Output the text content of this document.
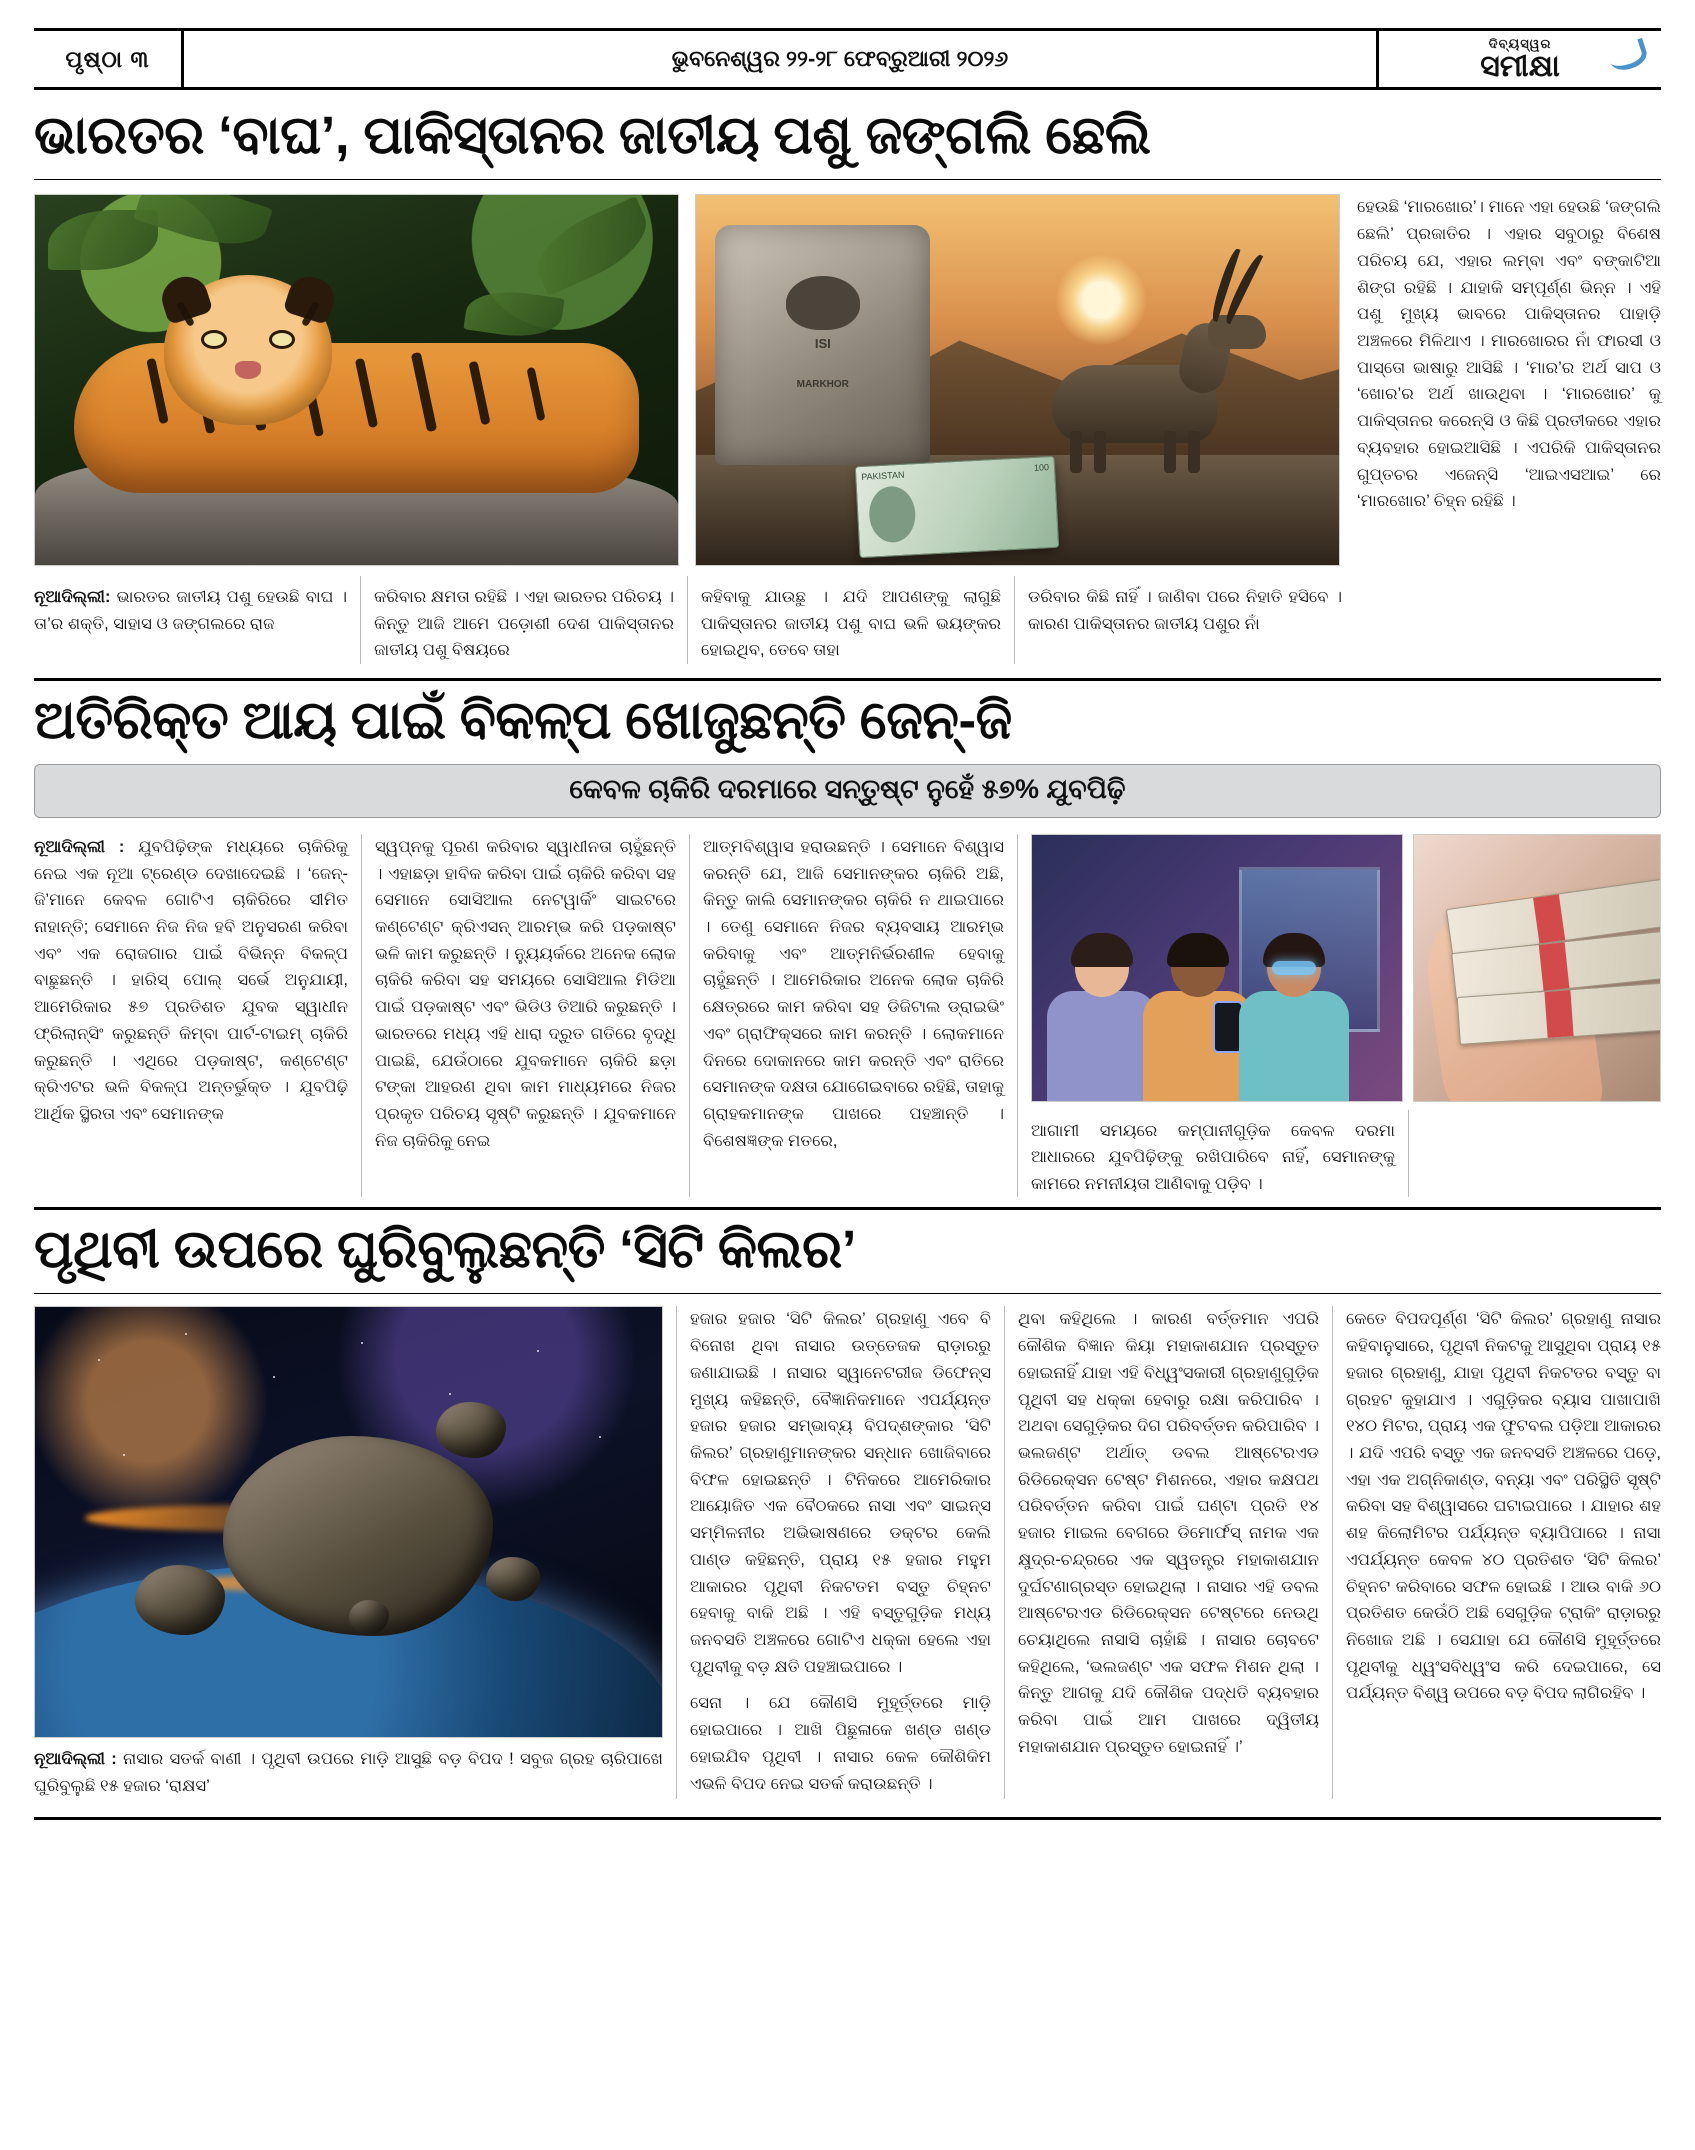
ପୃଷ୍ଠା ୩	ଭୁବନେଶ୍ୱର ୨୨-୨୮ ଫେବ୍ରୁଆରୀ ୨୦୨୬
ଦିବ୍ୟସ୍ୱର
ସମୀକ୍ଷା
ଭାରତର ‘ବାଘ’, ପାକିସ୍ତାନର ଜାତୀୟ ପଶୁ ଜଙ୍ଗଲି ଛେଲି
ISI
MARKHOR
PAKISTAN
100
ନୂଆଦିଲ୍ଲୀ: ଭାରତର ଜାତୀୟ ପଶୁ ହେଉଛି ବାଘ । ତା’ର ଶକ୍ତି, ସାହାସ ଓ ଜଙ୍ଗଲରେ ରାଜ
କରିବାର କ୍ଷମତା ରହିଛି । ଏହା ଭାରତର ପରିଚୟ । କିନ୍ତୁ ଆଜି ଆମେ ପଡ଼ୋଶୀ ଦେଶ ପାକିସ୍ତାନର ଜାତୀୟ ପଶୁ ବିଷୟରେ
କହିବାକୁ ଯାଉଛୁ । ଯଦି ଆପଣଙ୍କୁ ଲାଗୁଛି ପାକିସ୍ତାନର ଜାତୀୟ ପଶୁ ବାଘ ଭଳି ଭୟଙ୍କର ହୋଇଥିବ, ତେବେ ତାହା
ଡରିବାର କିଛି ନାହିଁ । ଜାଣିବା ପରେ ନିହାତି ହସିବେ । କାରଣ ପାକିସ୍ତାନର ଜାତୀୟ ପଶୁର ନାଁ
ହେଉଛି ‘ମାରଖୋର’। ମାନେ ଏହା ହେଉଛି ‘ଜଙ୍ଗଲି ଛେଲି’ ପ୍ରଜାତିର । ଏହାର ସବୁଠାରୁ ବିଶେଷ ପରିଚୟ ଯେ, ଏହାର ଲମ୍ବା ଏବଂ ବଙ୍କାଟିଆ ଶିଙ୍ଗ ରହିଛି । ଯାହାକି ସମ୍ପୂର୍ଣ୍ଣ ଭିନ୍ନ । ଏହି ପଶୁ ମୁଖ୍ୟ ଭାବରେ ପାକିସ୍ତାନର ପାହାଡ଼ି ଅଞ୍ଚଳରେ ମିଳିଥାଏ । ମାରଖୋରର ନାଁ ଫାରସୀ ଓ ପାସ୍ତୋ ଭାଷାରୁ ଆସିଛି । ‘ମାର’ର ଅର୍ଥ ସାପ ଓ ‘ଖୋର’ର ଅର୍ଥ ଖାଉଥିବା । ‘ମାରଖୋର’ କୁ ପାକିସ୍ତାନର କରେନ୍ସି ଓ କିଛି ପ୍ରତୀକରେ ଏହାର ବ୍ୟବହାର ହୋଇଆସିଛି । ଏପରିକି ପାକିସ୍ତାନର ଗୁପ୍ତଚର ଏଜେନ୍ସି ‘ଆଇଏସଆଇ’ ରେ ‘ମାରଖୋର’ ଚିହ୍ନ ରହିଛି ।
ଅତିରିକ୍ତ ଆୟ ପାଇଁ ବିକଳ୍ପ ଖୋଜୁଛନ୍ତି ଜେନ୍-ଜି
କେବଳ ଚାକିରି ଦରମାରେ ସନ୍ତୁଷ୍ଟ ନୁହେଁ ୫୭% ଯୁବପିଢ଼ି
ନୂଆଦିଲ୍ଲୀ : ଯୁବପିଢ଼ିଙ୍କ ମଧ୍ୟରେ ଚାକିରିକୁ ନେଇ ଏକ ନୂଆ ଟ୍ରେଣ୍ଡ ଦେଖାଦେଇଛି । ‘ଜେନ୍-ଜି’ମାନେ କେବଳ ଗୋଟିଏ ଚାକିରିରେ ସୀମିତ ନାହାନ୍ତି; ସେମାନେ ନିଜ ନିଜ ହବି ଅନୁସରଣ କରିବା ଏବଂ ଏକ ରୋଜଗାର ପାଇଁ ବିଭିନ୍ନ ବିକଳ୍ପ ବାଛୁଛନ୍ତି । ହାରିସ୍ ପୋଲ୍ ସର୍ଭେ ଅନୁଯାୟୀ, ଆମେରିକାର ୫୭ ପ୍ରତିଶତ ଯୁବକ ସ୍ୱାଧୀନ ଫ୍ରିଲାନ୍ସିଂ କରୁଛନ୍ତି କିମ୍ବା ପାର୍ଟ-ଟାଇମ୍ ଚାକିରି କରୁଛନ୍ତି । ଏଥିରେ ପଡ଼କାଷ୍ଟ, କଣ୍ଟେଣ୍ଟ କ୍ରିଏଟର ଭଳି ବିକଳ୍ପ ଅନ୍ତର୍ଭୁକ୍ତ । ଯୁବପିଢ଼ି ଆର୍ଥିକ ସ୍ଥିରତା ଏବଂ ସେମାନଙ୍କ
ସ୍ୱପ୍ନକୁ ପୂରଣ କରିବାର ସ୍ୱାଧୀନତା ଚାହୁଁଛନ୍ତି । ଏହାଛଡ଼ା ହାବିକ କରିବା ପାଇଁ ଚାକିରି କରିବା ସହ ସେମାନେ ସୋସିଆଲ ନେଟୱାର୍କିଂ ସାଇଟରେ କଣ୍ଟେଣ୍ଟ କ୍ରିଏସନ୍ ଆରମ୍ଭ କରି ପଡ଼କାଷ୍ଟ ଭଳି କାମ କରୁଛନ୍ତି । ନ୍ୟୁୟର୍କରେ ଅନେକ ଲୋକ ଚାକିରି କରିବା ସହ ସମୟରେ ସୋସିଆଲ ମିଡିଆ ପାଇଁ ପଡ଼କାଷ୍ଟ ଏବଂ ଭିଡିଓ ତିଆରି କରୁଛନ୍ତି । ଭାରତରେ ମଧ୍ୟ ଏହି ଧାରା ଦ୍ରୁତ ଗତିରେ ବୃଦ୍ଧି ପାଇଛି, ଯେଉଁଠାରେ ଯୁବକମାନେ ଚାକିରି ଛଡ଼ା ଟଙ୍କା ଆହରଣ ଥିବା କାମ ମାଧ୍ୟମରେ ନିଜର ପ୍ରକୃତ ପରିଚୟ ସୃଷ୍ଟି କରୁଛନ୍ତି । ଯୁବକମାନେ ନିଜ ଚାକିରିକୁ ନେଇ
ଆତ୍ମବିଶ୍ୱାସ ହରାଉଛନ୍ତି । ସେମାନେ ବିଶ୍ୱାସ କରନ୍ତି ଯେ, ଆଜି ସେମାନଙ୍କର ଚାକିରି ଅଛି, କିନ୍ତୁ କାଲି ସେମାନଙ୍କର ଚାକିରି ନ ଥାଇପାରେ । ତେଣୁ ସେମାନେ ନିଜର ବ୍ୟବସାୟ ଆରମ୍ଭ କରିବାକୁ ଏବଂ ଆତ୍ମନିର୍ଭରଶୀଳ ହେବାକୁ ଚାହୁଁଛନ୍ତି । ଆମେରିକାର ଅନେକ ଲୋକ ଚାକିରି କ୍ଷେତ୍ରରେ କାମ କରିବା ସହ ଡିଜିଟାଲ ଡ୍ରାଇଭିଂ ଏବଂ ଗ୍ରାଫିକ୍ସରେ କାମ କରନ୍ତି । ଲୋକମାନେ ଦିନରେ ଦୋକାନରେ କାମ କରନ୍ତି ଏବଂ ରାତିରେ ସେମାନଙ୍କ ଦକ୍ଷତା ଯୋଗେଇବାରେ ରହିଛି, ତାହାକୁ ଗ୍ରାହକମାନଙ୍କ ପାଖରେ ପହଞ୍ଚାନ୍ତି । ବିଶେଷଜ୍ଞଙ୍କ ମତରେ,
ଆଗାମୀ ସମୟରେ କମ୍ପାନୀଗୁଡ଼ିକ କେବଳ ଦରମା ଆଧାରରେ ଯୁବପିଢ଼ିଙ୍କୁ ରଖିପାରିବେ ନାହିଁ, ସେମାନଙ୍କୁ କାମରେ ନମନୀୟତା ଆଣିବାକୁ ପଡ଼ିବ ।
ପୃଥିବୀ ଉପରେ ଘୁରିବୁଲୁଛନ୍ତି ‘ସିଟି କିଲର’
ନୂଆଦିଲ୍ଲୀ : ନାସାର ସତର୍କ ବାଣୀ । ପୃଥିବୀ ଉପରେ ମାଡ଼ି ଆସୁଛି ବଡ଼ ବିପଦ ! ସବୁଜ ଗ୍ରହ ଚାରିପାଖେ ଘୁରିବୁଲୁଛି ୧୫ ହଜାର ‘ରାକ୍ଷସ’
ହଜାର ହଜାର ‘ସିଟି କିଲର’ ଗ୍ରହାଣୁ ଏବେ ବି ବିନୋଖ ଥିବା ନାସାର ଉତ୍ତେଜକ ରାଡ଼ାରରୁ ଜଣାଯାଇଛି । ନାସାର ସ୍ୱାନେଟରୀଜ ଡିଫେନ୍ସ ମୁଖ୍ୟ କହିଛନ୍ତି, ବୈଜ୍ଞାନିକମାନେ ଏପର୍ଯ୍ୟନ୍ତ ହଜାର ହଜାର ସମ୍ଭାବ୍ୟ ବିପଦ୍‌ଶଙ୍କାର ‘ସିଟି କିଲର’ ଗ୍ରହାଣୁମାନଙ୍କର ସନ୍ଧାନ ଖୋଜିବାରେ ବିଫଳ ହୋଇଛନ୍ତି । ଟିନିକରେ ଆମେରିକାର ଆୟୋଜିତ ଏକ ବୈଠକରେ ନାସା ଏବଂ ସାଇନ୍ସ ସମ୍ମିଳନୀର ଅଭିଭାଷଣରେ ଡକ୍ଟର କେଲି ପାଣ୍ଡ କହିଛନ୍ତି, ପ୍ରାୟ ୧୫ ହଜାର ମହୁମ ଆକାରର ପୃଥିବୀ ନିକଟତମ ବସ୍ତୁ ଚିହ୍ନଟ ହେବାକୁ ବାକି ଅଛି । ଏହି ବସ୍ତୁଗୁଡ଼ିକ ମଧ୍ୟ ଜନବସତି ଅଞ୍ଚଳରେ ଗୋଟିଏ ଧକ୍କା ହେଲେ ଏହା ପୃଥିବୀକୁ ବଡ଼ କ୍ଷତି ପହଞ୍ଚାଇପାରେ ।
ସେନା । ଯେ କୌଣସି ମୁହୂର୍ତ୍ତରେ ମାଡ଼ି ହୋଇପାରେ । ଆଖି ପିଛୁଳାକେ ଖଣ୍ଡ ଖଣ୍ଡ ହୋଇଯିବ ପୃଥିବୀ । ନାସାର କେଳ କୌଶିକିମ ଏଭଳି ବିପଦ ନେଇ ସତର୍କ କରାଉଛନ୍ତି ।
ଥିବା କହିଥିଲେ । କାରଣ ବର୍ତ୍ତମାନ ଏପରି କୌଶିକ ବିଜ୍ଞାନ କିୟା ମହାକାଶଯାନ ପ୍ରସ୍ତୁତ ହୋଇନାହିଁ ଯାହା ଏହି ବିଧ୍ୱଂସକାରୀ ଗ୍ରହାଣୁଗୁଡ଼ିକ ପୃଥିବୀ ସହ ଧକ୍କା ହେବାରୁ ରକ୍ଷା କରିପାରିବ । ଅଥବା ସେଗୁଡ଼ିକର ଦିଗ ପରିବର୍ତ୍ତନ କରିପାରିବ । ଭଲଜଣ୍ଟ ଅର୍ଥାତ୍ ଡବଲ ଆଷ୍ଟେରଏଡ ରିଡିରେକ୍ସନ ଟେଷ୍ଟ ମିଶନରେ, ଏହାର କକ୍ଷପଥ ପରିବର୍ତ୍ତନ କରିବା ପାଇଁ ଘଣ୍ଟା ପ୍ରତି ୧୪ ହଜାର ମାଇଲ ବେଗରେ ଡିମୋର୍ଫସ୍ ନାମକ ଏକ କ୍ଷୁଦ୍ର-ଚନ୍ଦ୍ରରେ ଏକ ସ୍ୱତନ୍ତ୍ର ମହାକାଶଯାନ ଦୁର୍ଘଟଣାଗ୍ରସ୍ତ ହୋଇଥିଲା । ନାସାର ଏହି ଡବଲ ଆଷ୍ଟେରଏଡ ରିଡିରେକ୍ସନ ଟେଷ୍ଟରେ ନେଉଥି ଚେୟାଥିଲେ ନାସାସି ଚାହାଁଛି । ନାସାର ଚୋବଟେ କହିଥିଲେ, ‘ଭଲଜଣ୍ଟ ଏକ ସଫଳ ମିଶନ ଥିଲା । କିନ୍ତୁ ଆଗକୁ ଯଦି କୌଶିକ ପଦ୍ଧତି ବ୍ୟବହାର କରିବା ପାଇଁ ଆମ ପାଖରେ ଦ୍ୱିତୀୟ ମହାକାଶଯାନ ପ୍ରସ୍ତୁତ ହୋଇନାହିଁ ।’
କେତେ ବିପଦପୂର୍ଣ୍ଣ ‘ସିଟି କିଲର’ ଗ୍ରହାଣୁ ନାସାର କହିବାନୁସାରେ, ପୃଥିବୀ ନିକଟକୁ ଆସୁଥିବା ପ୍ରାୟ ୧୫ ହଜାର ଗ୍ରହାଣୁ, ଯାହା ପୃଥିବୀ ନିକଟତର ବସ୍ତୁ ବା ଗ୍ରହଟ କୁହାଯାଏ । ଏଗୁଡ଼ିକର ବ୍ୟାସ ପାଖାପାଖି ୧୪୦ ମିଟର, ପ୍ରାୟ ଏକ ଫୁଟବଲ ପଡ଼ିଆ ଆକାରର । ଯଦି ଏପରି ବସ୍ତୁ ଏକ ଜନବସତି ଅଞ୍ଚଳରେ ପଡ଼େ, ଏହା ଏକ ଅଗ୍ନିକାଣ୍ଡ, ବନ୍ୟା ଏବଂ ପରିସ୍ଥିତି ସୃଷ୍ଟି କରିବା ସହ ବିଶ୍ୱାସରେ ଘଟାଇପାରେ । ଯାହାର ଶହ ଶହ କିଲୋମିଟର ପର୍ଯ୍ୟନ୍ତ ବ୍ୟାପିପାରେ । ନାସା ଏପର୍ଯ୍ୟନ୍ତ କେବଳ ୪୦ ପ୍ରତିଶତ ‘ସିଟି କିଲର’ ଚିହ୍ନଟ କରିବାରେ ସଫଳ ହୋଇଛି । ଆଉ ବାକି ୬୦ ପ୍ରତିଶତ କେଉଁଠି ଅଛି ସେଗୁଡ଼ିକ ଟ୍ରାକିଂ ରାଡ଼ାରରୁ ନିଖୋଜ ଅଛି । ସେଯାହା ଯେ କୌଣସି ମୁହୂର୍ତ୍ତରେ ପୃଥିବୀକୁ ଧ୍ୱଂସବିଧ୍ୱଂସ କରି ଦେଇପାରେ, ସେ ପର୍ଯ୍ୟନ୍ତ ବିଶ୍ୱ ଉପରେ ବଡ଼ ବିପଦ ଲାଗିରହିବ ।
